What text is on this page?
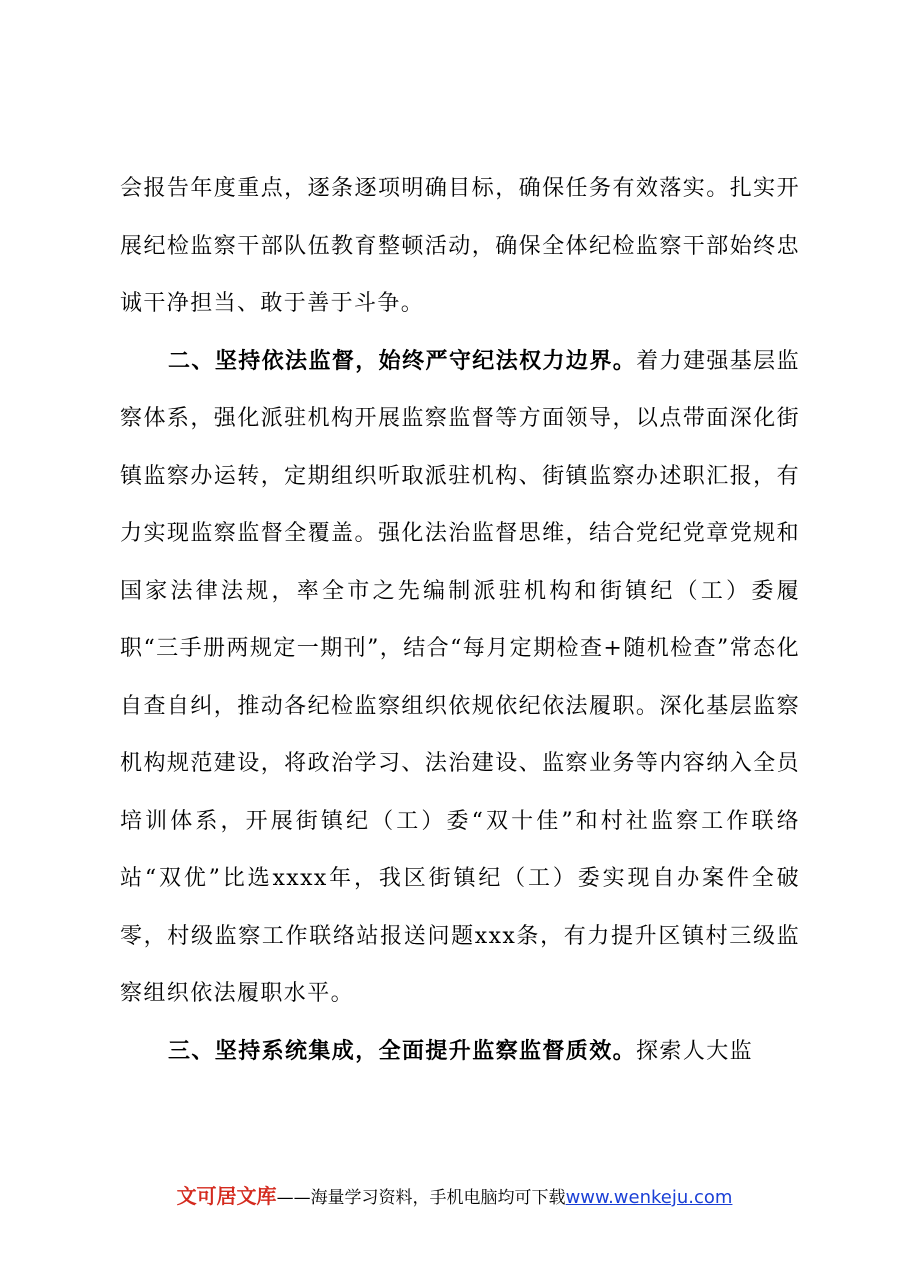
会报告年度重点，逐条逐项明确目标，确保任务有效落实。扎实开展纪检监察干部队伍教育整顿活动，确保全体纪检监察干部始终忠诚干净担当、敢于善于斗争。

二、坚持依法监督，始终严守纪法权力边界。着力建强基层监察体系，强化派驻机构开展监察监督等方面领导，以点带面深化街镇监察办运转，定期组织听取派驻机构、街镇监察办述职汇报，有力实现监察监督全覆盖。强化法治监督思维，结合党纪党章党规和国家法律法规，率全市之先编制派驻机构和街镇纪（工）委履职“三手册两规定一期刊”，结合“每月定期检查+随机检查”常态化自查自纠，推动各纪检监察组织依规依纪依法履职。深化基层监察机构规范建设，将政治学习、法治建设、监察业务等内容纳入全员培训体系，开展街镇纪（工）委“双十佳”和村社监察工作联络站“双优”比选xxxx年，我区街镇纪（工）委实现自办案件全破零，村级监察工作联络站报送问题xxx条，有力提升区镇村三级监察组织依法履职水平。

三、坚持系统集成，全面提升监察监督质效。探索人大监

文可居文库——海量学习资料，手机电脑均可下载www.wenkeju.com
